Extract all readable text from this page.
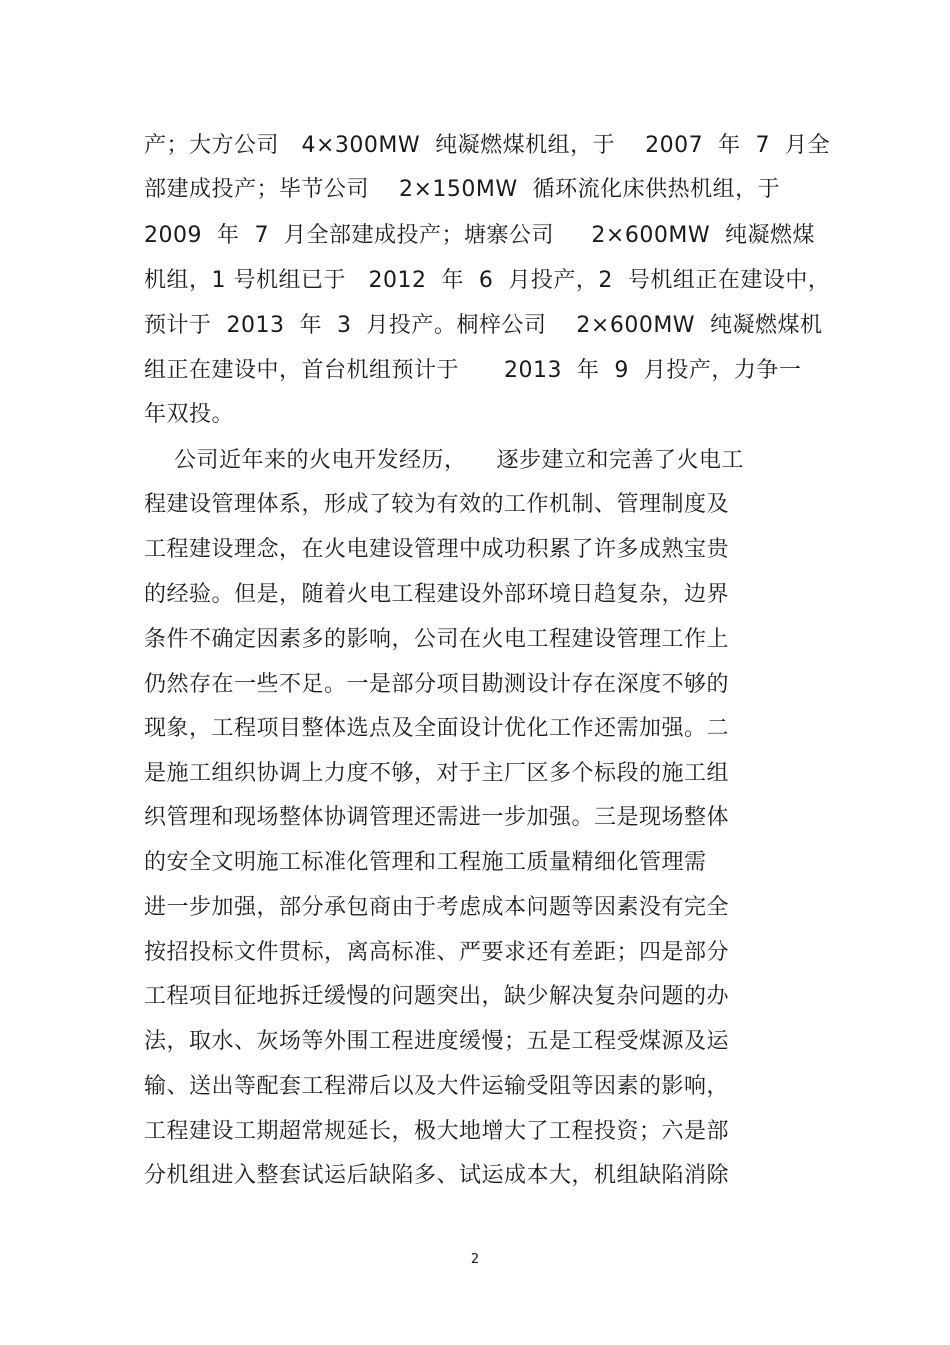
产；大方公司   4×300MW  纯凝燃煤机组，于    2007  年  7  月全
部建成投产；毕节公司    2×150MW  循环流化床供热机组，于
2009  年  7  月全部建成投产；塘寨公司     2×600MW  纯凝燃煤
机组，1 号机组已于   2012  年  6  月投产，2  号机组正在建设中，
预计于  2013  年  3  月投产。桐梓公司    2×600MW  纯凝燃煤机
组正在建设中，首台机组预计于      2013  年  9  月投产，力争一
年双投。
公司近年来的火电开发经历，    逐步建立和完善了火电工
程建设管理体系，形成了较为有效的工作机制、管理制度及
工程建设理念，在火电建设管理中成功积累了许多成熟宝贵
的经验。但是，随着火电工程建设外部环境日趋复杂，边界
条件不确定因素多的影响，公司在火电工程建设管理工作上
仍然存在一些不足。一是部分项目勘测设计存在深度不够的
现象，工程项目整体选点及全面设计优化工作还需加强。二
是施工组织协调上力度不够，对于主厂区多个标段的施工组
织管理和现场整体协调管理还需进一步加强。三是现场整体
的安全文明施工标准化管理和工程施工质量精细化管理需
进一步加强，部分承包商由于考虑成本问题等因素没有完全
按招投标文件贯标，离高标准、严要求还有差距；四是部分
工程项目征地拆迁缓慢的问题突出，缺少解决复杂问题的办
法，取水、灰场等外围工程进度缓慢；五是工程受煤源及运
输、送出等配套工程滞后以及大件运输受阻等因素的影响，
工程建设工期超常规延长，极大地增大了工程投资；六是部
分机组进入整套试运后缺陷多、试运成本大，机组缺陷消除
2
